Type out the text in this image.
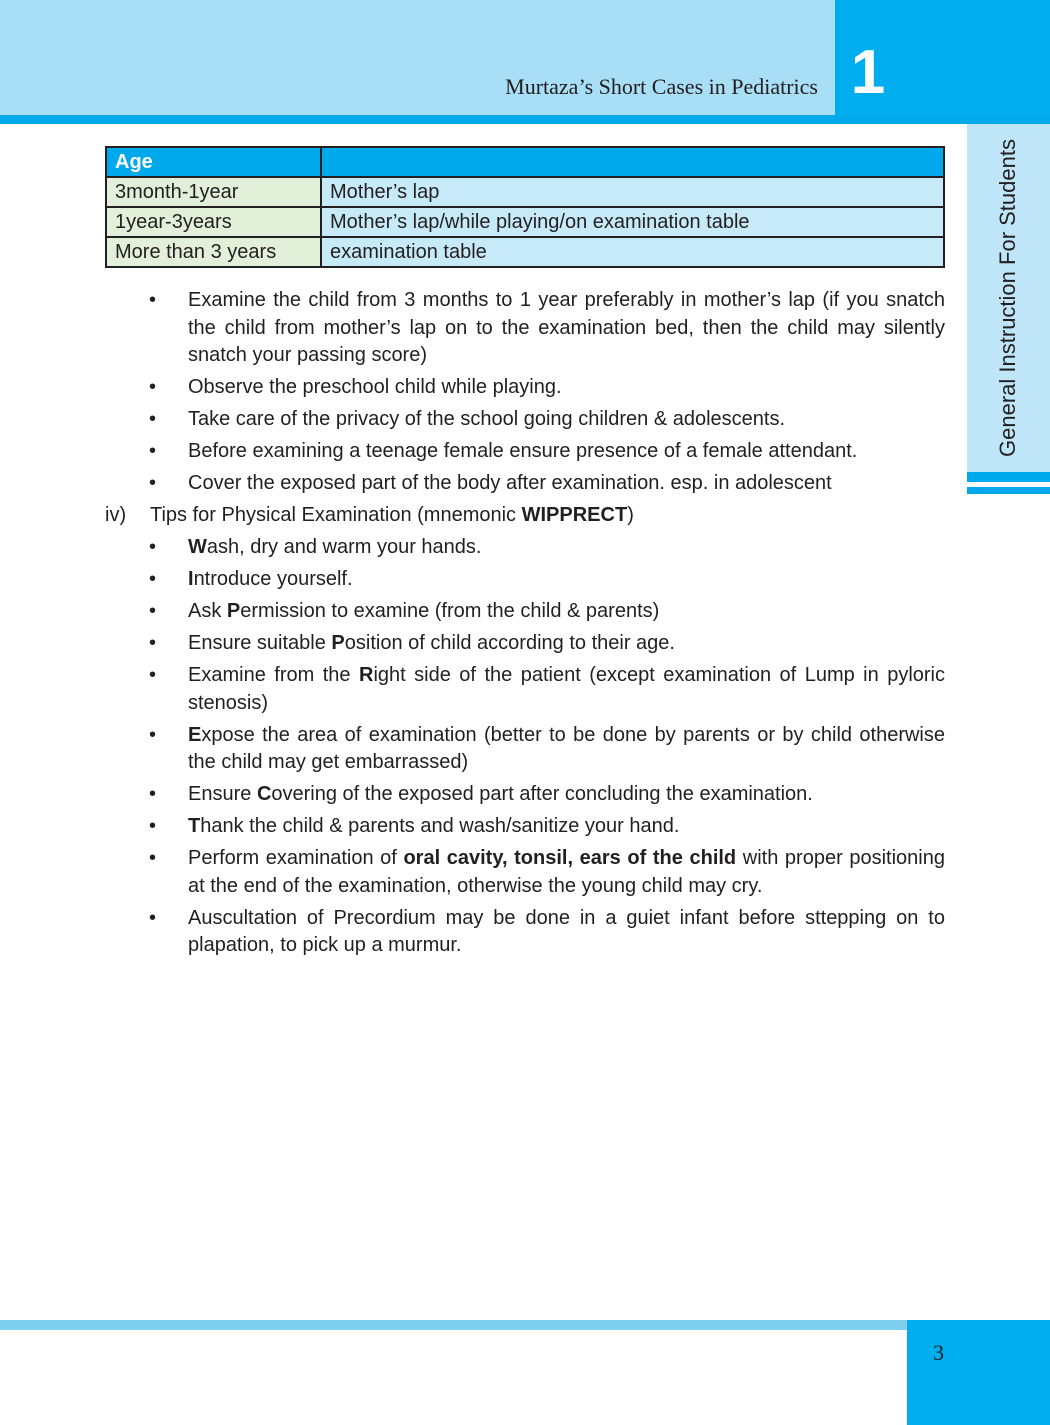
1
Murtaza’s Short Cases in Pediatrics
General Instruction For Students
Age	
3month-1year	Mother’s lap
1year-3years	Mother’s lap/while playing/on examination table
More than 3 years	examination table
• Examine the child from 3 months to 1 year preferably in mother’s lap (if you snatch the child from mother’s lap on to the examination bed, then the child may silently snatch your passing score)
• Observe the preschool child while playing.
• Take care of the privacy of the school going children & adolescents.
• Before examining a teenage female ensure presence of a female attendant.
• Cover the exposed part of the body after examination. esp. in adolescent
iv) Tips for Physical Examination (mnemonic WIPPRECT)
• Wash, dry and warm your hands.
• Introduce yourself.
• Ask Permission to examine (from the child & parents)
• Ensure suitable Position of child according to their age.
• Examine from the Right side of the patient (except examination of Lump in pyloric stenosis)
• Expose the area of examination (better to be done by parents or by child otherwise the child may get embarrassed)
• Ensure Covering of the exposed part after concluding the examination.
• Thank the child & parents and wash/sanitize your hand.
• Perform examination of oral cavity, tonsil, ears of the child with proper positioning at the end of the examination, otherwise the young child may cry.
• Auscultation of Precordium may be done in a guiet infant before sttepping on to plapation, to pick up a murmur.
3
